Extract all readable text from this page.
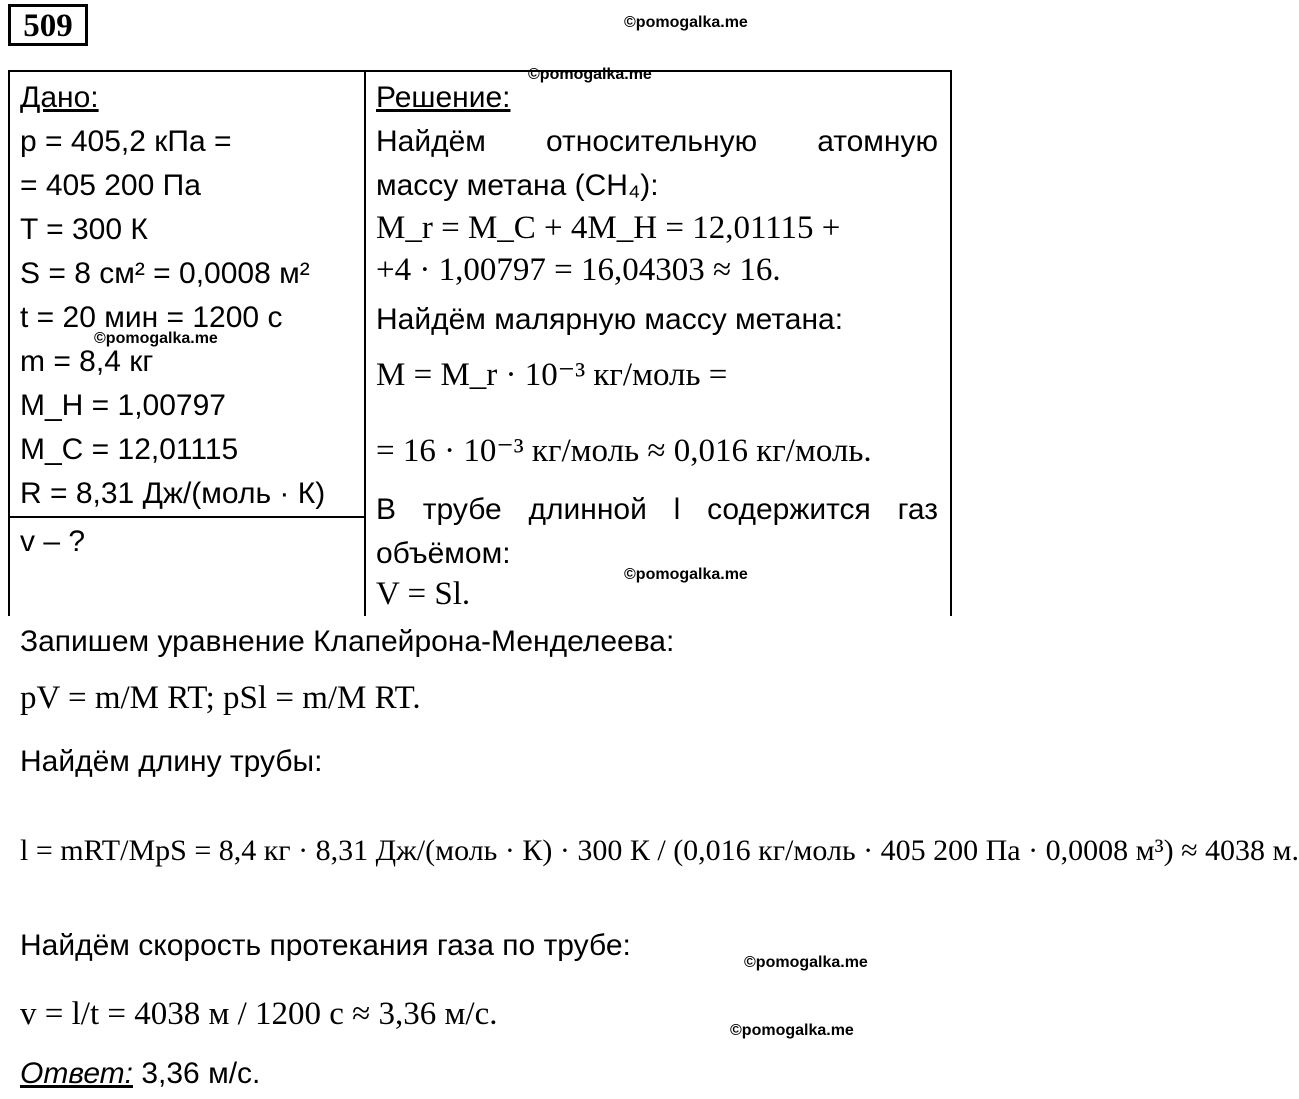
509	©pomogalka.me
©pomogalka.me
Дано:
p = 405,2 кПа =
= 405 200 Па
T = 300 К
S = 8 см² = 0,0008 м²
t = 20 мин = 1200 с
©pomogalka.me
m = 8,4 кг
M_H = 1,00797
M_C = 12,01115
R = 8,31 Дж/(моль · К)
v – ?
Решение:
Найдём относительную атомную
массу метана (CH₄):
M_r = M_C + 4M_H = 12,01115 +
+4 · 1,00797 = 16,04303 ≈ 16.
Найдём малярную массу метана:
M = M_r · 10⁻³ кг/моль =
= 16 · 10⁻³ кг/моль ≈ 0,016 кг/моль.
В трубе длинной l содержится газ
объёмом:
V = Sl.
©pomogalka.me
Запишем уравнение Клапейрона-Менделеева:
pV = m/M RT; pSl = m/M RT.
Найдём длину трубы:
l = mRT/MpS = 8,4 кг · 8,31 Дж/(моль · К) · 300 К / (0,016 кг/моль · 405 200 Па · 0,0008 м³) ≈ 4038 м.
Найдём скорость протекания газа по трубе:
©pomogalka.me
v = l/t = 4038 м / 1200 с ≈ 3,36 м/с.	©pomogalka.me
Ответ: 3,36 м/с.
